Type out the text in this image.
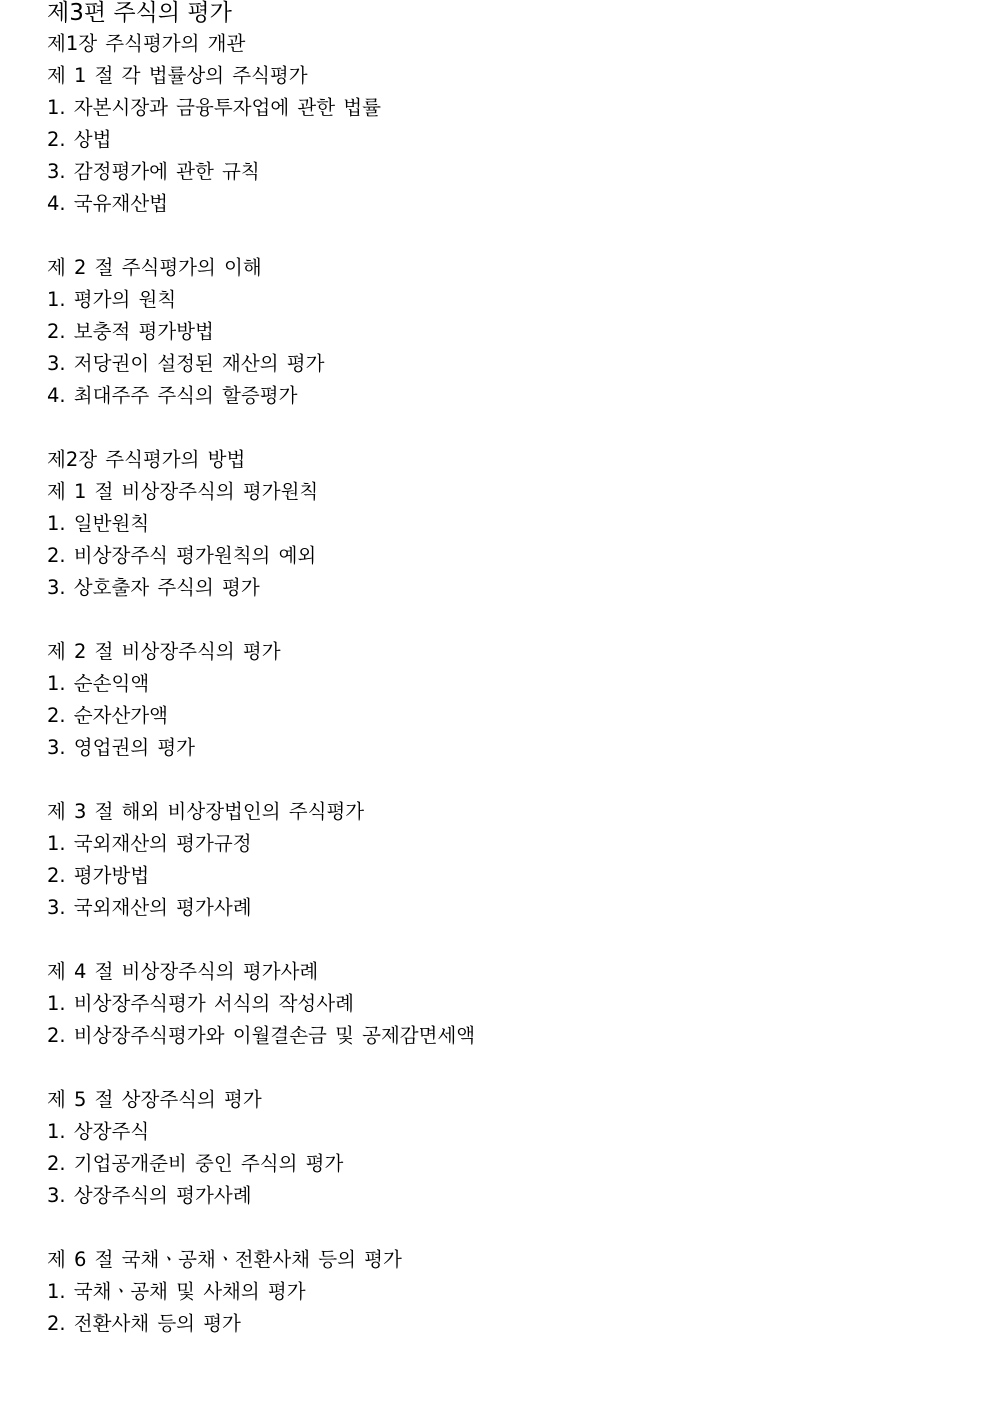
제3편 주식의 평가
제1장 주식평가의 개관
제 1 절 각 법률상의 주식평가
1. 자본시장과 금융투자업에 관한 법률
2. 상법
3. 감정평가에 관한 규칙
4. 국유재산법
제 2 절 주식평가의 이해
1. 평가의 원칙
2. 보충적 평가방법
3. 저당권이 설정된 재산의 평가
4. 최대주주 주식의 할증평가
제2장 주식평가의 방법
제 1 절 비상장주식의 평가원칙
1. 일반원칙
2. 비상장주식 평가원칙의 예외
3. 상호출자 주식의 평가
제 2 절 비상장주식의 평가
1. 순손익액
2. 순자산가액
3. 영업권의 평가
제 3 절 해외 비상장법인의 주식평가
1. 국외재산의 평가규정
2. 평가방법
3. 국외재산의 평가사례
제 4 절 비상장주식의 평가사례
1. 비상장주식평가 서식의 작성사례
2. 비상장주식평가와 이월결손금 및 공제감면세액
제 5 절 상장주식의 평가
1. 상장주식
2. 기업공개준비 중인 주식의 평가
3. 상장주식의 평가사례
제 6 절 국채ㆍ공채ㆍ전환사채 등의 평가
1. 국채ㆍ공채 및 사채의 평가
2. 전환사채 등의 평가
